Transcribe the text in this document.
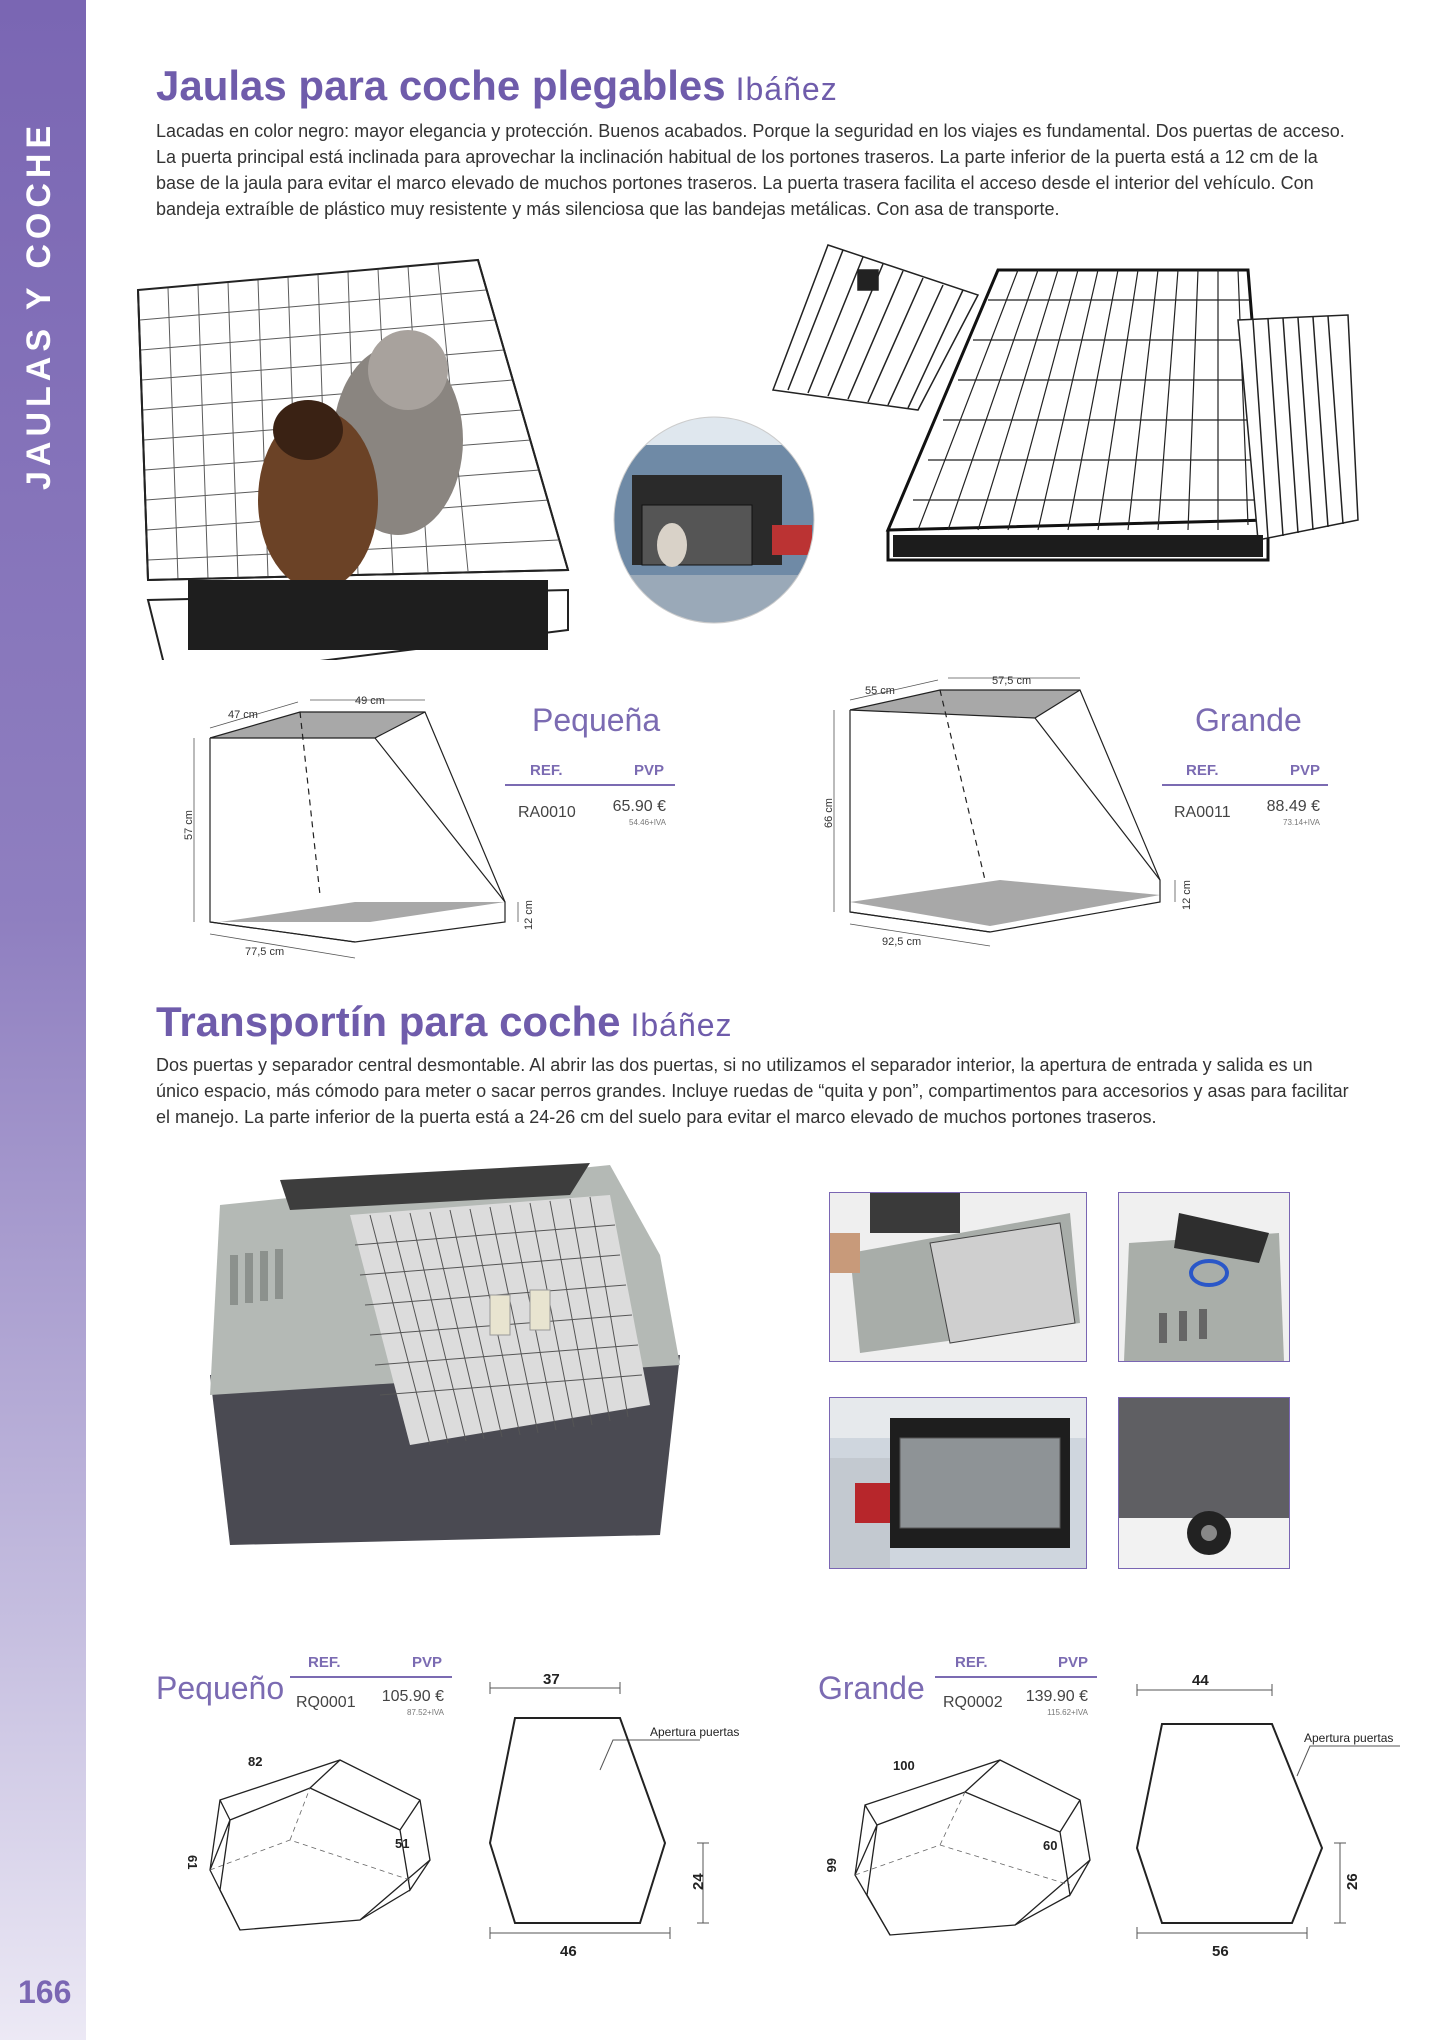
JAULAS Y COCHE
166
Jaulas para coche plegables Ibáñez
Lacadas en color negro: mayor elegancia y protección. Buenos acabados. Porque la seguridad en los viajes es fundamental. Dos puertas de acceso. La puerta principal está inclinada para aprovechar la inclinación habitual de los portones traseros. La parte inferior de la puerta está a 12 cm de la base de la jaula para evitar el marco elevado de muchos portones traseros. La puerta trasera facilita el acceso desde el interior del vehículo. Con bandeja extraíble de plástico muy resistente y más silenciosa que las bandejas metálicas. Con asa de transporte.
47 cm
49 cm
57 cm
77,5 cm
12 cm
Pequeña
REF.	PVP
RA0010	65.90 €
54.46+IVA
55 cm
57,5 cm
66 cm
92,5 cm
12 cm
Grande
REF.	PVP
RA0011	88.49 €
73.14+IVA
Transportín para coche Ibáñez
Dos puertas y separador central desmontable. Al abrir las dos puertas, si no utilizamos el separador interior, la apertura de entrada y salida es un único espacio, más cómodo para meter o sacar perros grandes. Incluye ruedas de “quita y pon”, compartimentos para accesorios y asas para facilitar el manejo. La parte inferior de la puerta está a 24-26 cm del suelo para evitar el marco elevado de muchos portones traseros.
Pequeño
REF.	PVP
RQ0001	105.90 €
87.52+IVA
82
61
51
37
46
24
Apertura puertas
Grande
REF.	PVP
RQ0002	139.90 €
115.62+IVA
100
66
60
44
56
26
Apertura puertas
